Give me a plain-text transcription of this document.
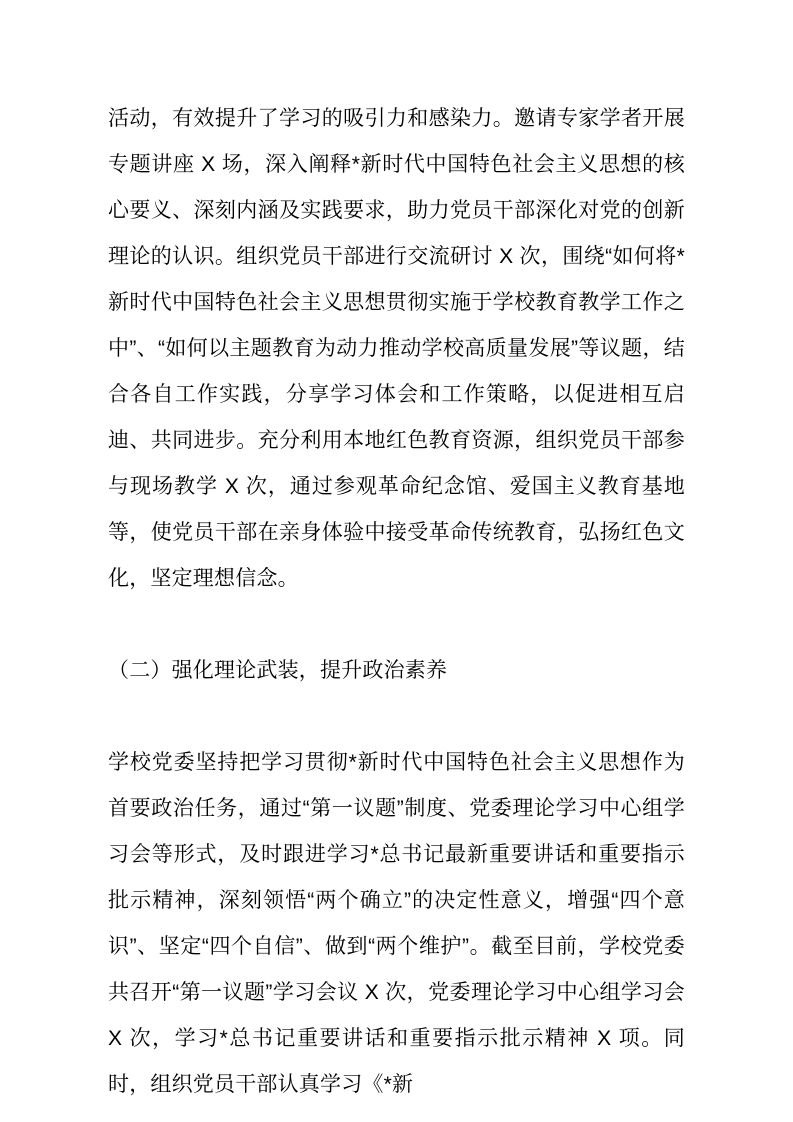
活动，有效提升了学习的吸引力和感染力。邀请专家学者开展专题讲座 X 场，深入阐释*新时代中国特色社会主义思想的核心要义、深刻内涵及实践要求，助力党员干部深化对党的创新理论的认识。组织党员干部进行交流研讨 X 次，围绕“如何将*新时代中国特色社会主义思想贯彻实施于学校教育教学工作之中”、“如何以主题教育为动力推动学校高质量发展”等议题，结合各自工作实践，分享学习体会和工作策略，以促进相互启迪、共同进步。充分利用本地红色教育资源，组织党员干部参与现场教学 X 次，通过参观革命纪念馆、爱国主义教育基地等，使党员干部在亲身体验中接受革命传统教育，弘扬红色文化，坚定理想信念。

（二）强化理论武装，提升政治素养

学校党委坚持把学习贯彻*新时代中国特色社会主义思想作为首要政治任务，通过“第一议题”制度、党委理论学习中心组学习会等形式，及时跟进学习*总书记最新重要讲话和重要指示批示精神，深刻领悟“两个确立”的决定性意义，增强“四个意识”、坚定“四个自信”、做到“两个维护”。截至目前，学校党委共召开“第一议题”学习会议 X 次，党委理论学习中心组学习会 X 次，学习*总书记重要讲话和重要指示批示精神 X 项。同时，组织党员干部认真学习《*新
